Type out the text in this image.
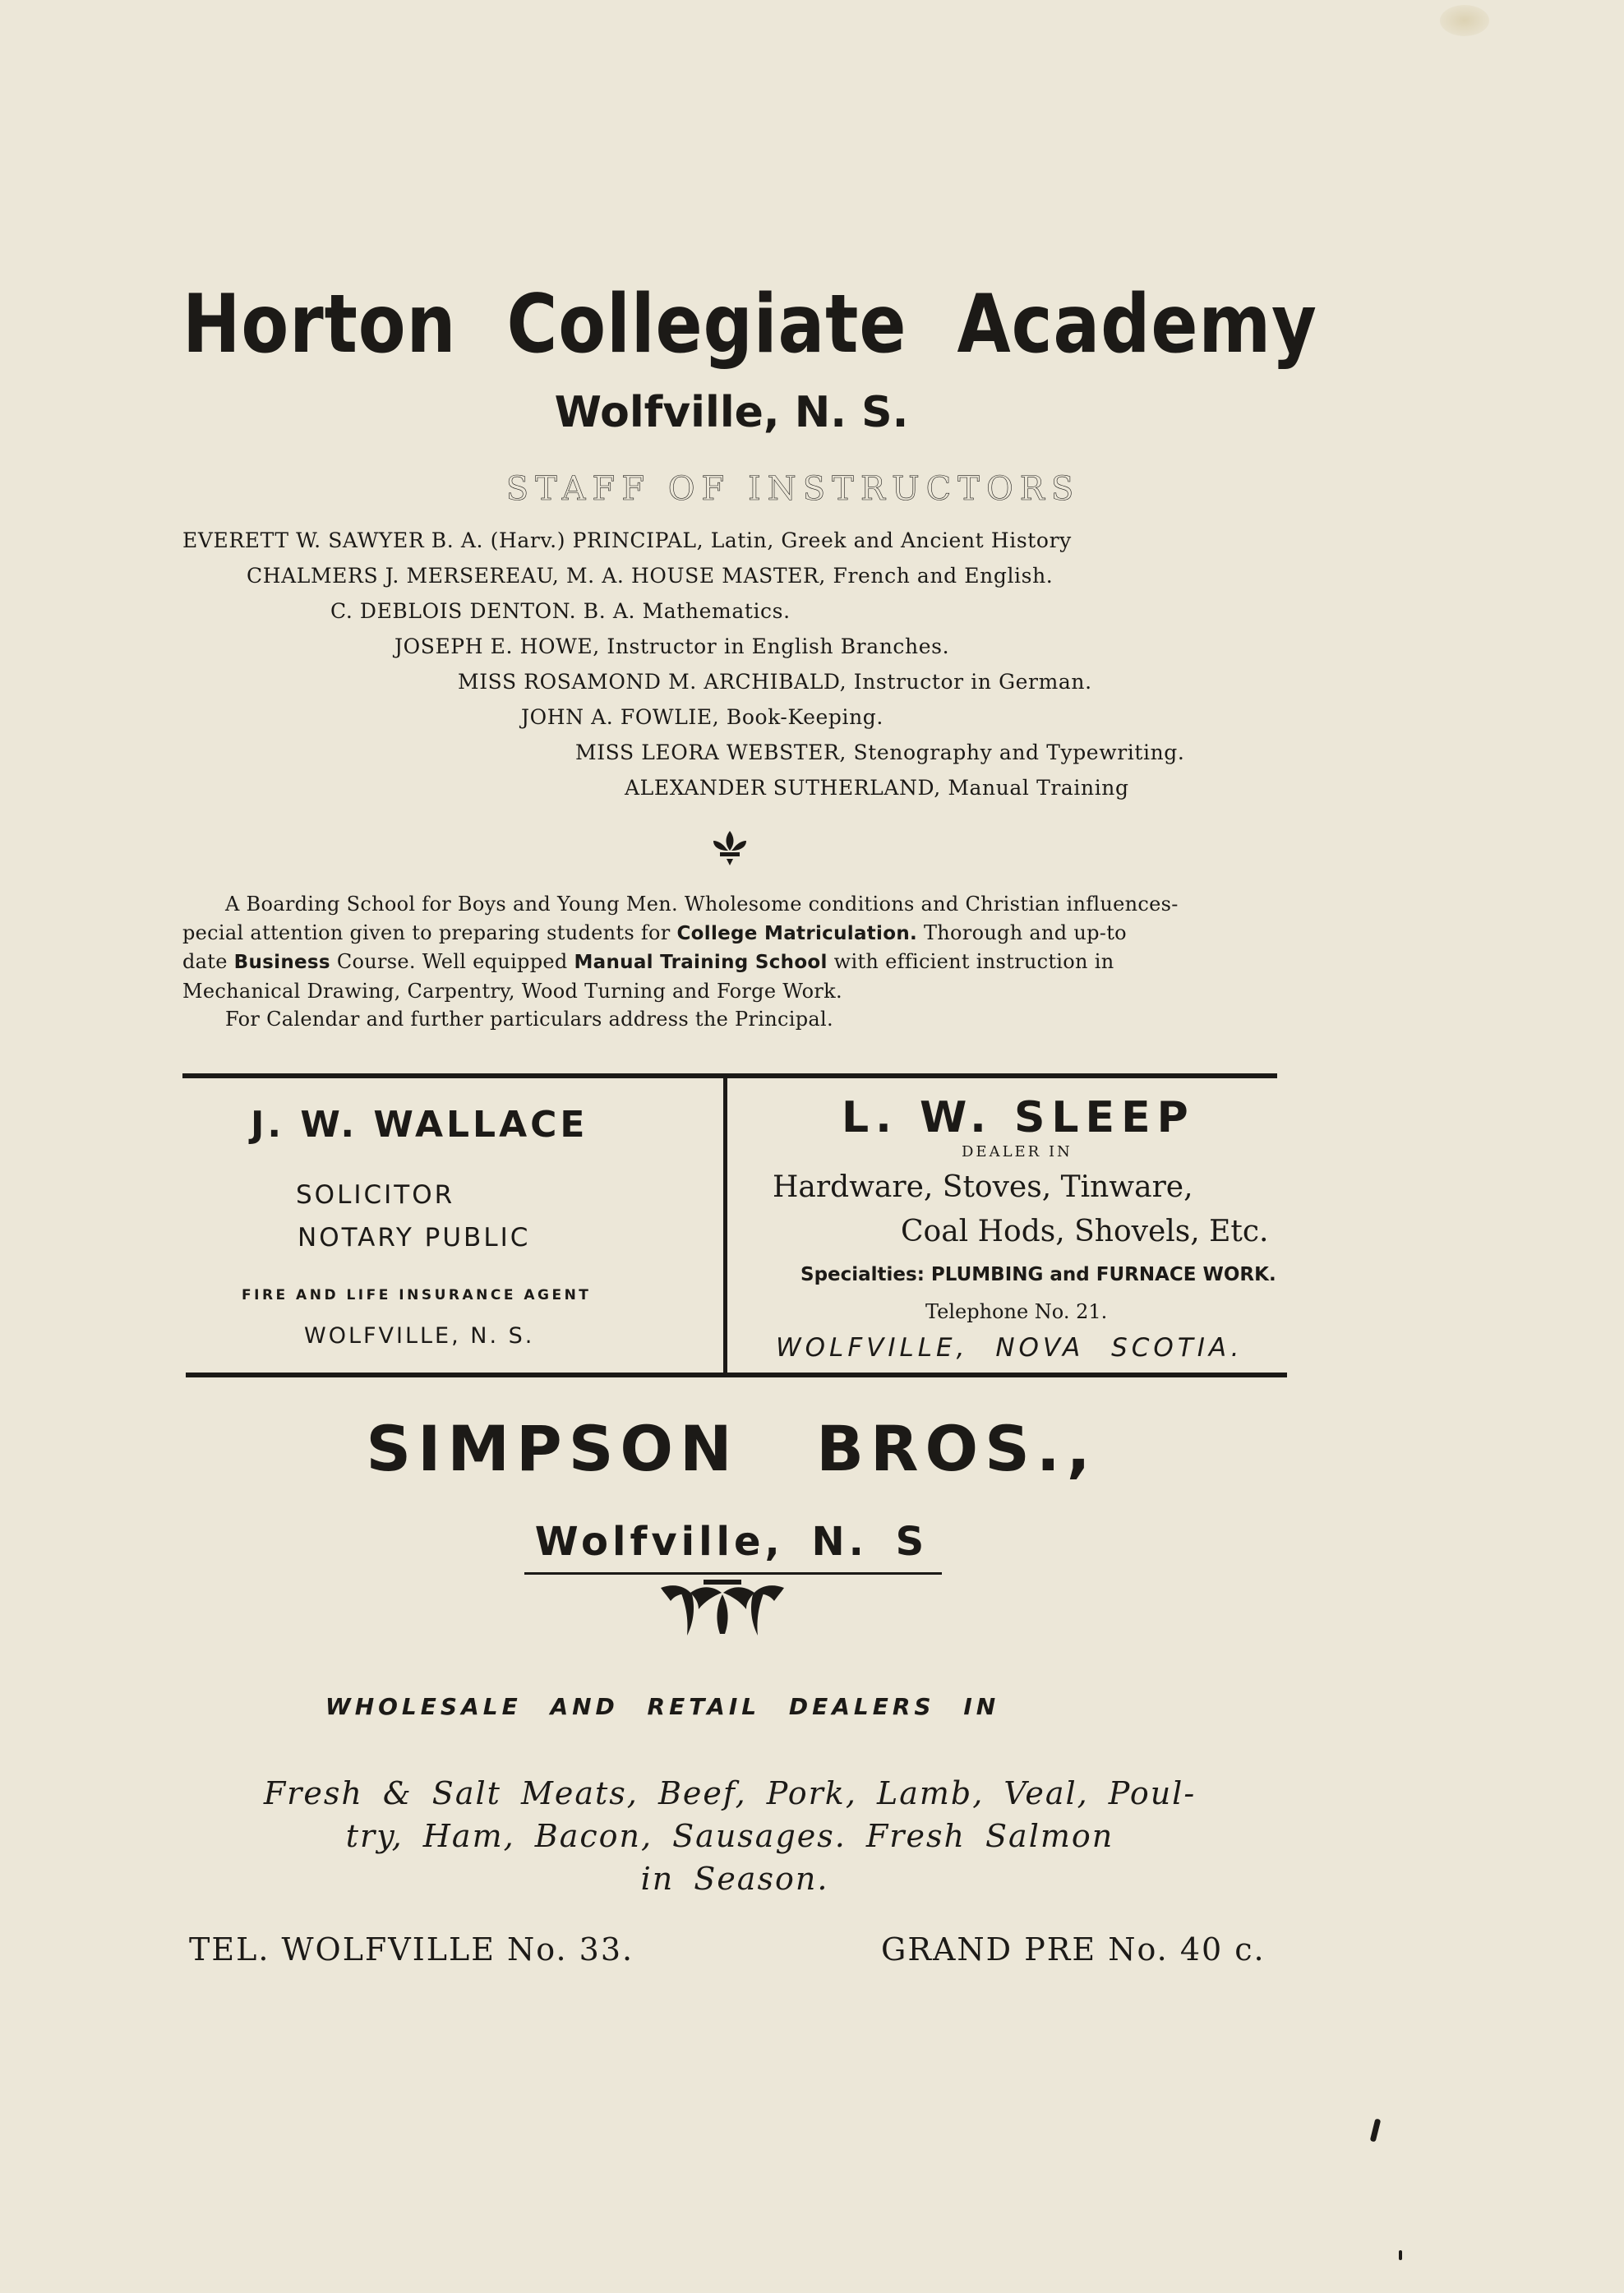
Horton Collegiate Academy
Wolfville, N. S.
STAFF OF INSTRUCTORS
EVERETT W. SAWYER B. A. (Harv.) PRINCIPAL, Latin, Greek and Ancient History
CHALMERS J. MERSEREAU, M. A. HOUSE MASTER, French and English.
C. DEBLOIS DENTON. B. A. Mathematics.
JOSEPH E. HOWE, Instructor in English Branches.
MISS ROSAMOND M. ARCHIBALD, Instructor in German.
JOHN A. FOWLIE, Book-Keeping.
MISS LEORA WEBSTER, Stenography and Typewriting.
ALEXANDER SUTHERLAND, Manual Training
A Boarding School for Boys and Young Men. Wholesome conditions and Christian influences-
pecial attention given to preparing students for College Matriculation. Thorough and up-to
date Business Course. Well equipped Manual Training School with efficient instruction in
Mechanical Drawing, Carpentry, Wood Turning and Forge Work.
For Calendar and further particulars address the Principal.
J. W. WALLACE
SOLICITOR
NOTARY PUBLIC
FIRE AND LIFE INSURANCE AGENT
WOLFVILLE, N. S.
L. W. SLEEP
DEALER IN
Hardware, Stoves, Tinware,
Coal Hods, Shovels, Etc.
Specialties: PLUMBING and FURNACE WORK.
Telephone No. 21.
WOLFVILLE, NOVA SCOTIA.
SIMPSON BROS.,
Wolfville, N. S
WHOLESALE AND RETAIL DEALERS IN
Fresh & Salt Meats, Beef, Pork, Lamb, Veal, Poul-
try, Ham, Bacon, Sausages. Fresh Salmon
in Season.
TEL. WOLFVILLE No. 33.	GRAND PRE No. 40 c.
